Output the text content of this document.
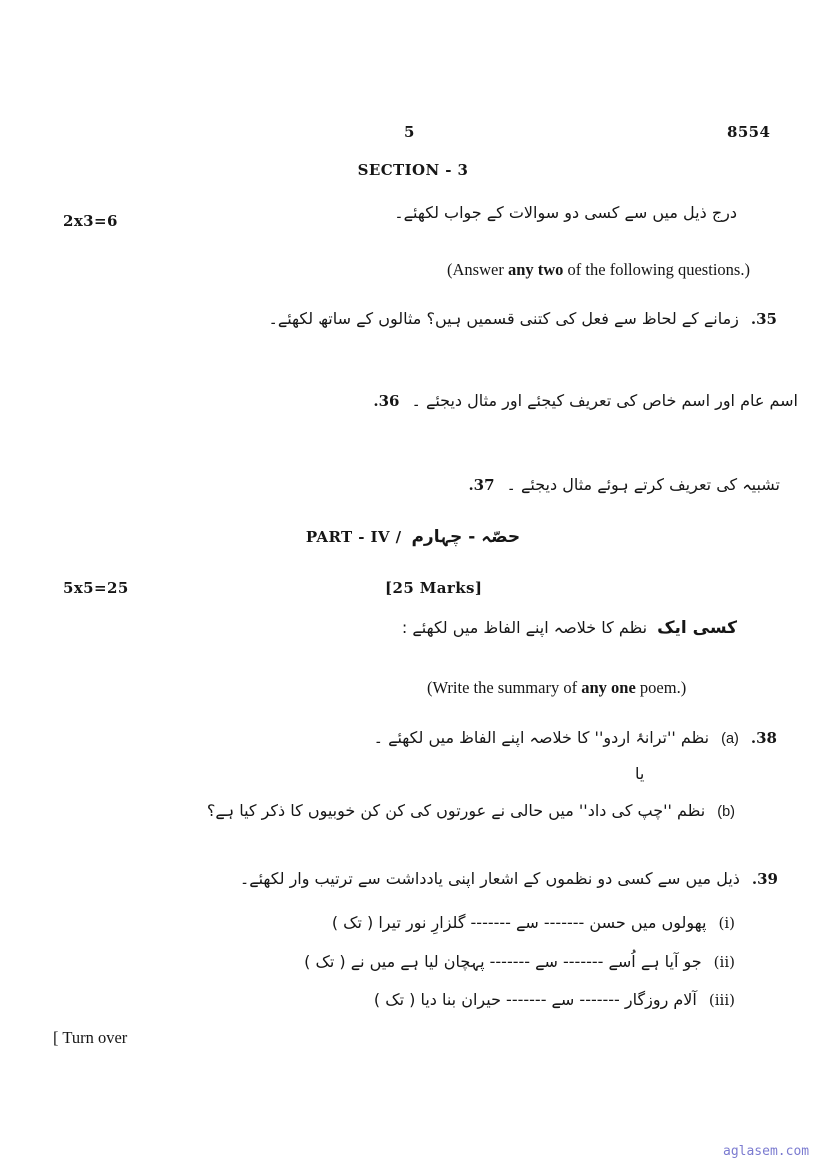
5	8554
SECTION - 3
درج ذیل میں سے کسی دو سوالات کے جواب لکھئے۔
2x3=6
(Answer any two of the following questions.)
.35
زمانے کے لحاظ سے فعل کی کتنی قسمیں ہیں؟ مثالوں کے ساتھ لکھئے۔
.36 اسم عام اور اسم خاص کی تعریف کیجئے اور مثال دیجئے ۔
.37 تشبیہ کی تعریف کرتے ہوئے مثال دیجئے ۔
PART - IV / حصّہ - چہارم
5x5=25	[25 Marks]
کسی ایک
نظم کا خلاصہ اپنے الفاظ میں لکھئے :
(Write the summary of any one poem.)
.38
(a)
نظم ''ترانۂ اردو'' کا خلاصہ اپنے الفاظ میں لکھئے ۔
یا
(b)
نظم ''چپ کی داد'' میں حالی نے عورتوں کی کن کن خوبیوں کا ذکر کیا ہے؟
.39
ذیل میں سے کسی دو نظموں کے اشعار اپنی یادداشت سے ترتیب وار لکھئے۔
(i)
پھولوں میں حسن ------- سے ------- گلزارِ نور تیرا ( تک )
(ii)
جو آیا ہے اُسے ------- سے ------- پہچان لیا ہے میں نے ( تک )
(iii)
آلام روزگار ------- سے ------- حیران بنا دیا ( تک )
[ Turn over
aglasem.com
